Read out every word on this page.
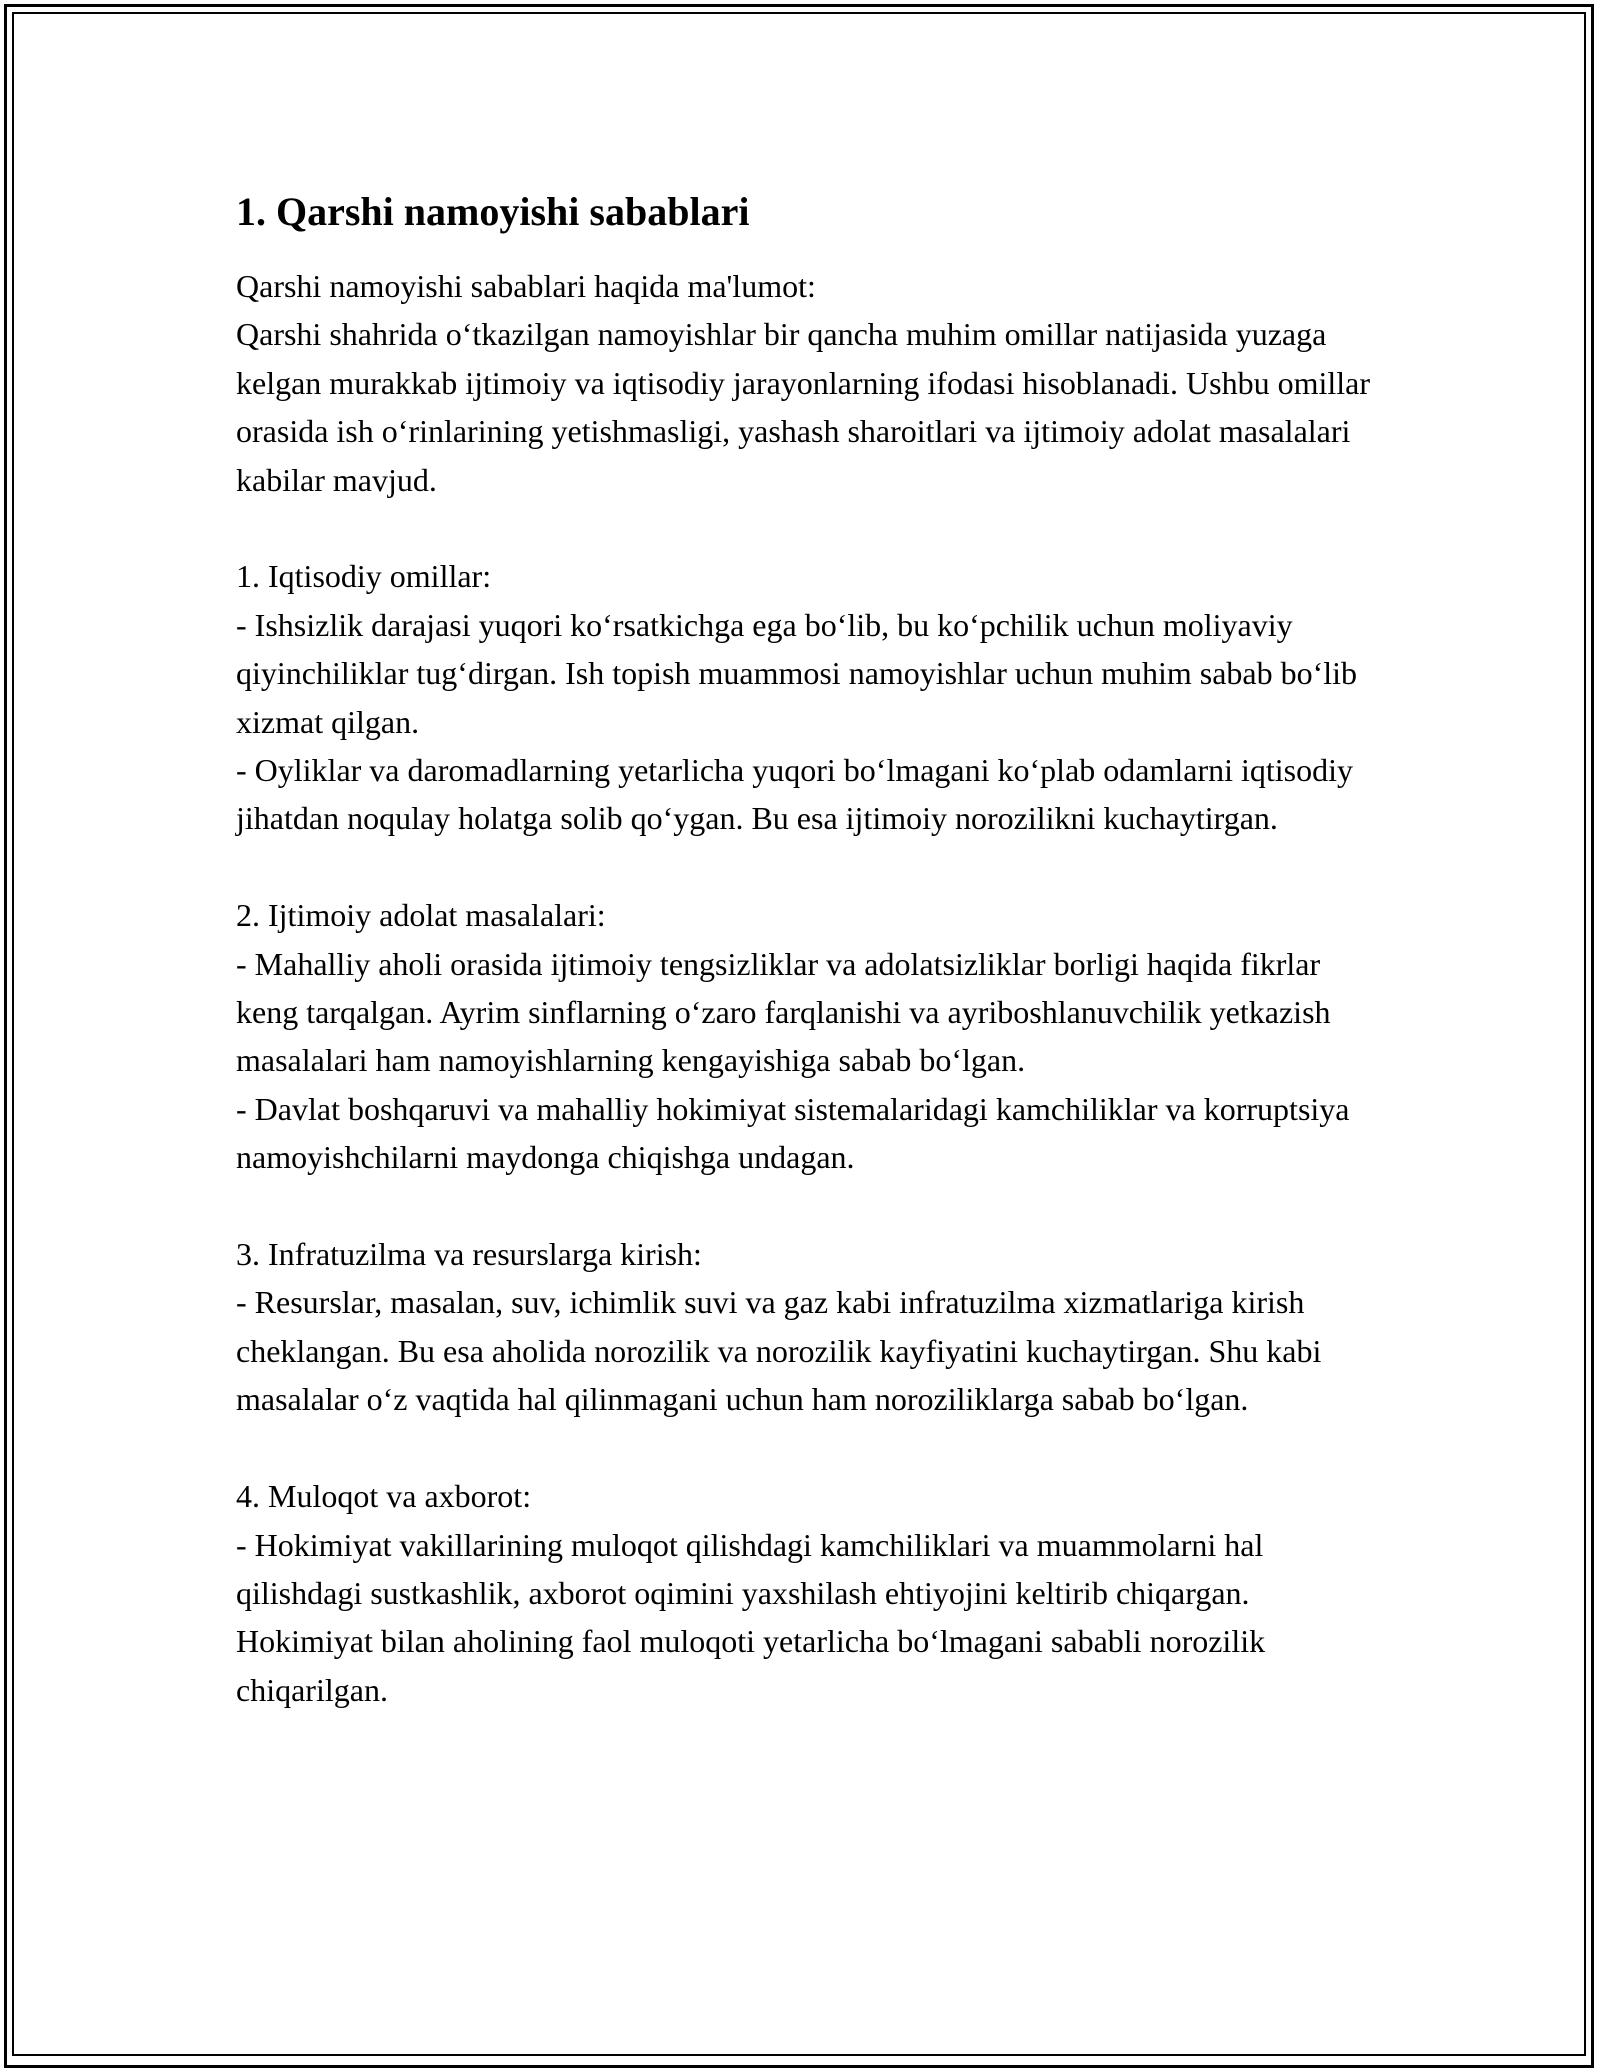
1. Qarshi namoyishi sabablari

Qarshi namoyishi sabablari haqida ma'lumot:

Qarshi shahrida o‘tkazilgan namoyishlar bir qancha muhim omillar natijasida yuzaga kelgan murakkab ijtimoiy va iqtisodiy jarayonlarning ifodasi hisoblanadi. Ushbu omillar orasida ish o‘rinlarining yetishmasligi, yashash sharoitlari va ijtimoiy adolat masalalari kabilar mavjud.

1. Iqtisodiy omillar:

- Ishsizlik darajasi yuqori ko‘rsatkichga ega bo‘lib, bu ko‘pchilik uchun moliyaviy qiyinchiliklar tug‘dirgan. Ish topish muammosi namoyishlar uchun muhim sabab bo‘lib xizmat qilgan.

- Oyliklar va daromadlarning yetarlicha yuqori bo‘lmagani ko‘plab odamlarni iqtisodiy jihatdan noqulay holatga solib qo‘ygan. Bu esa ijtimoiy norozilikni kuchaytirgan.

2. Ijtimoiy adolat masalalari:

- Mahalliy aholi orasida ijtimoiy tengsizliklar va adolatsizliklar borligi haqida fikrlar keng tarqalgan. Ayrim sinflarning o‘zaro farqlanishi va ayriboshlanuvchilik yetkazish masalalari ham namoyishlarning kengayishiga sabab bo‘lgan.

- Davlat boshqaruvi va mahalliy hokimiyat sistemalaridagi kamchiliklar va korruptsiya namoyishchilarni maydonga chiqishga undagan.

3. Infratuzilma va resurslarga kirish:

- Resurslar, masalan, suv, ichimlik suvi va gaz kabi infratuzilma xizmatlariga kirish cheklangan. Bu esa aholida norozilik va norozilik kayfiyatini kuchaytirgan. Shu kabi masalalar o‘z vaqtida hal qilinmagani uchun ham noroziliklarga sabab bo‘lgan.

4. Muloqot va axborot:

- Hokimiyat vakillarining muloqot qilishdagi kamchiliklari va muammolarni hal qilishdagi sustkashlik, axborot oqimini yaxshilash ehtiyojini keltirib chiqargan. Hokimiyat bilan aholining faol muloqoti yetarlicha bo‘lmagani sababli norozilik chiqarilgan.
